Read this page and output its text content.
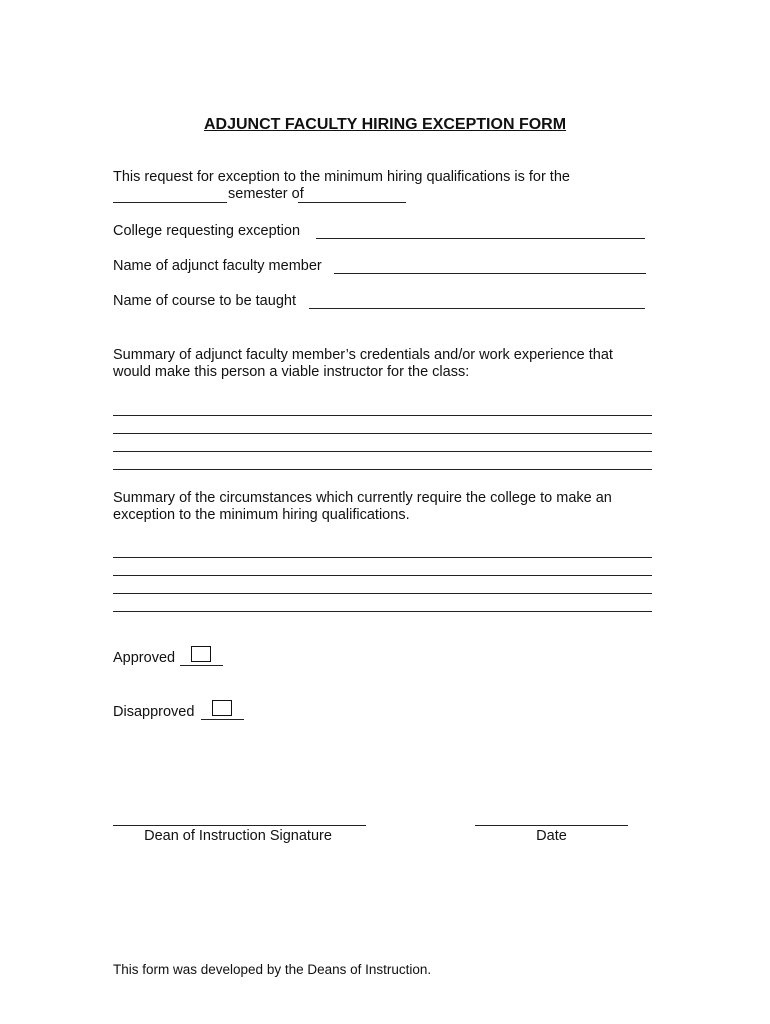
ADJUNCT FACULTY HIRING EXCEPTION FORM
This request for exception to the minimum hiring qualifications is for the
semester of
College requesting exception
Name of adjunct faculty member
Name of course to be taught
Summary of adjunct faculty member’s credentials and/or work experience that
would make this person a viable instructor for the class:
Summary of the circumstances which currently require the college to make an
exception to the minimum hiring qualifications.
Approved
Disapproved
Dean of Instruction Signature	Date
This form was developed by the Deans of Instruction.
